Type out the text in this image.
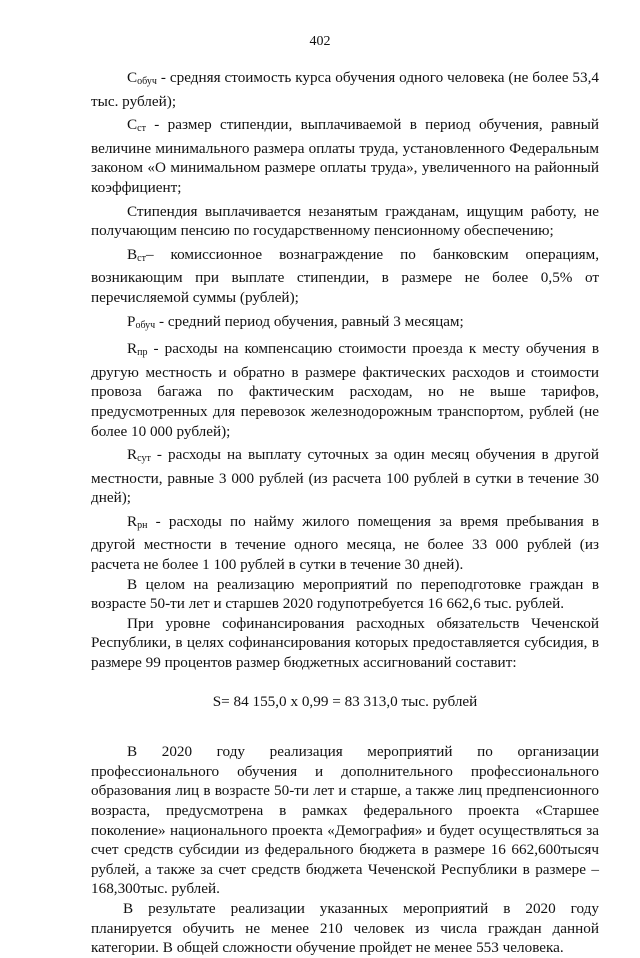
402

$С_{обуч}$ - средняя стоимость курса обучения одного человека (не более 53,4 тыс. рублей);

$С_{ст}$ - размер стипендии, выплачиваемой в период обучения, равный величине минимального размера оплаты труда, установленного Федеральным законом «О минимальном размере оплаты труда», увеличенного на районный коэффициент;

Стипендия выплачивается незанятым гражданам, ищущим работу, не получающим пенсию по государственному пенсионному обеспечению;

$В_{ст}-$ комиссионное вознаграждение по банковским операциям, возникающим при выплате стипендии, в размере не более 0,5% от перечисляемой суммы (рублей);

$Р_{обуч}$ - средний период обучения, равный 3 месяцам;

$R_{пр}$ - расходы на компенсацию стоимости проезда к месту обучения в другую местность и обратно в размере фактических расходов и стоимости провоза багажа по фактическим расходам, но не выше тарифов, предусмотренных для перевозок железнодорожным транспортом, рублей (не более 10 000 рублей);

$R_{сут}$ - расходы на выплату суточных за один месяц обучения в другой местности, равные 3 000 рублей (из расчета 100 рублей в сутки в течение 30 дней);

$R_{рн}$ - расходы по найму жилого помещения за время пребывания в другой местности в течение одного месяца, не более 33 000 рублей (из расчета не более 1 100 рублей в сутки в течение 30 дней).

В целом на реализацию мероприятий по переподготовке граждан в возрасте 50-ти лет и старшев 2020 годупотребуется 16 662,6 тыс. рублей.

При уровне софинансирования расходных обязательств Чеченской Республики, в целях софинансирования которых предоставляется субсидия, в размере 99 процентов размер бюджетных ассигнований составит:

S= 84 155,0 х 0,99 = 83 313,0 тыс. рублей

В 2020 году реализация мероприятий по организации профессионального обучения и дополнительного профессионального образования лиц в возрасте 50-ти лет и старше, а также лиц предпенсионного возраста, предусмотрена в рамках федерального проекта «Старшее поколение» национального проекта «Демография» и будет осуществляться за счет средств субсидии из федерального бюджета в размере 16 662,600тысяч рублей, а также за счет средств бюджета Чеченской Республики в размере – 168,300тыс. рублей.

В результате реализации указанных мероприятий в 2020 году планируется обучить не менее 210 человек из числа граждан данной категории. В общей сложности обучение пройдет не менее 553 человека.
